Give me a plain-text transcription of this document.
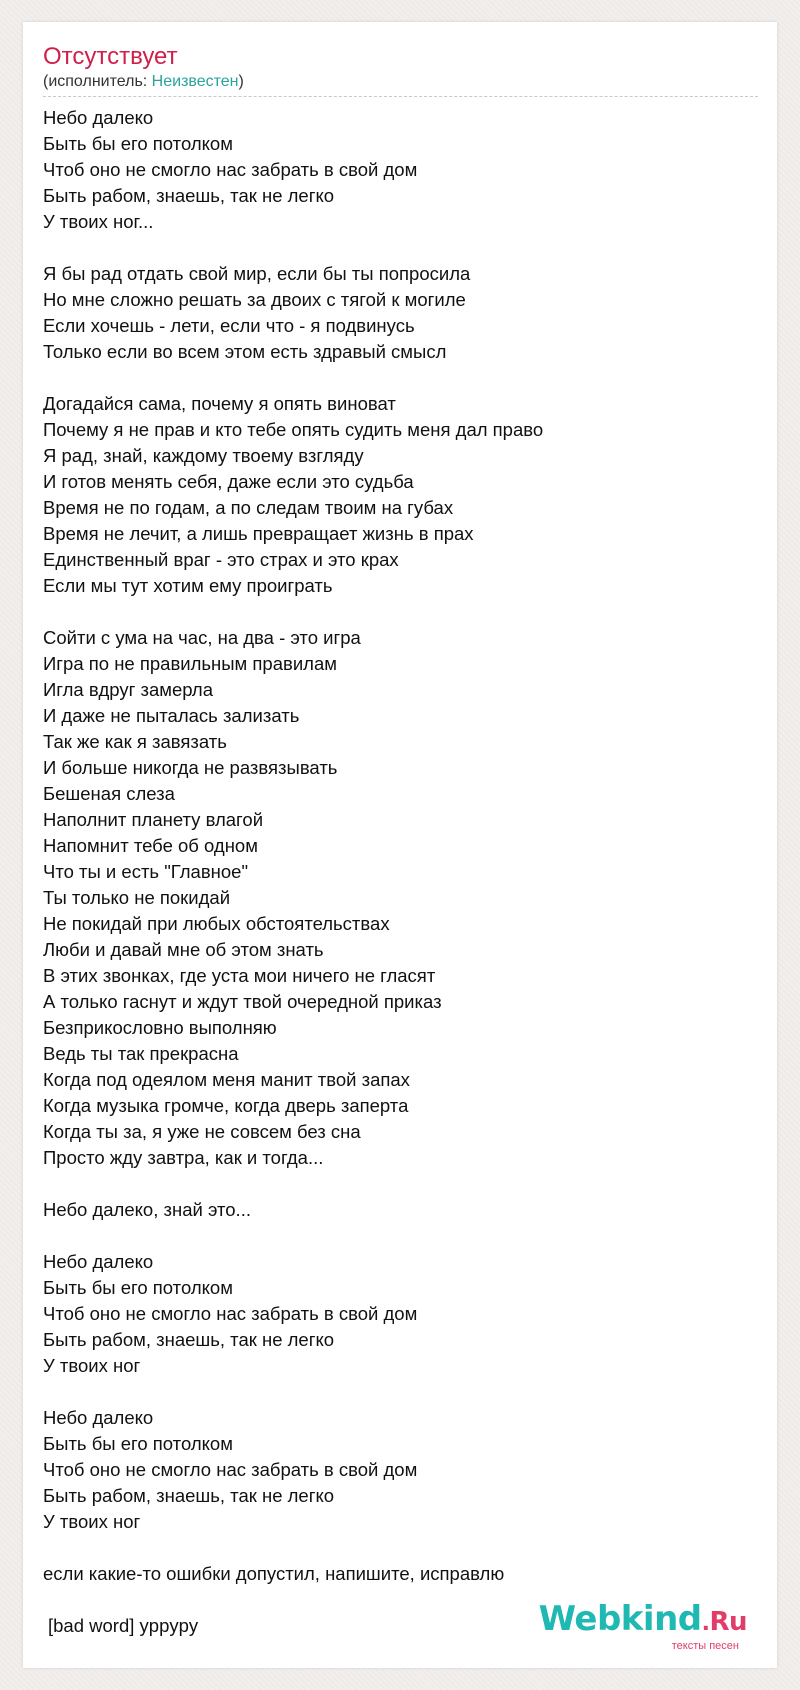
Отсутствует
(исполнитель: Неизвестен)
Небо далеко
Быть бы его потолком
Чтоб оно не смогло нас забрать в свой дом
Быть рабом, знаешь, так не легко
У твоих ног...
Я бы рад отдать свой мир, если бы ты попросила
Но мне сложно решать за двоих с тягой к могиле
Если хочешь - лети, если что - я подвинусь
Только если во всем этом есть здравый смысл
Догадайся сама, почему я опять виноват
Почему я не прав и кто тебе опять судить меня дал право
Я рад, знай, каждому твоему взгляду
И готов менять себя, даже если это судьба
Время не по годам, а по следам твоим на губах
Время не лечит, а лишь превращает жизнь в прах
Единственный враг - это страх и это крах
Если мы тут хотим ему проиграть
Сойти с ума на час, на два - это игра
Игра по не правильным правилам
Игла вдруг замерла
И даже не пыталась зализать
Так же как я завязать
И больше никогда не развязывать
Бешеная слеза
Наполнит планету влагой
Напомнит тебе об одном
Что ты и есть "Главное"
Ты только не покидай
Не покидай при любых обстоятельствах
Люби и давай мне об этом знать
В этих звонках, где уста мои ничего не гласят
А только гаснут и ждут твой очередной приказ
Безприкословно выполняю
Ведь ты так прекрасна
Когда под одеялом меня манит твой запах
Когда музыка громче, когда дверь заперта
Когда ты за, я уже не совсем без сна
Просто жду завтра, как и тогда...
Небо далеко, знай это...
Небо далеко
Быть бы его потолком
Чтоб оно не смогло нас забрать в свой дом
Быть рабом, знаешь, так не легко
У твоих ног
Небо далеко
Быть бы его потолком
Чтоб оно не смогло нас забрать в свой дом
Быть рабом, знаешь, так не легко
У твоих ног
если какие-то ошибки допустил, напишите, исправлю
[bad word] ypрypу	Webkind.Ru
тексты песен
